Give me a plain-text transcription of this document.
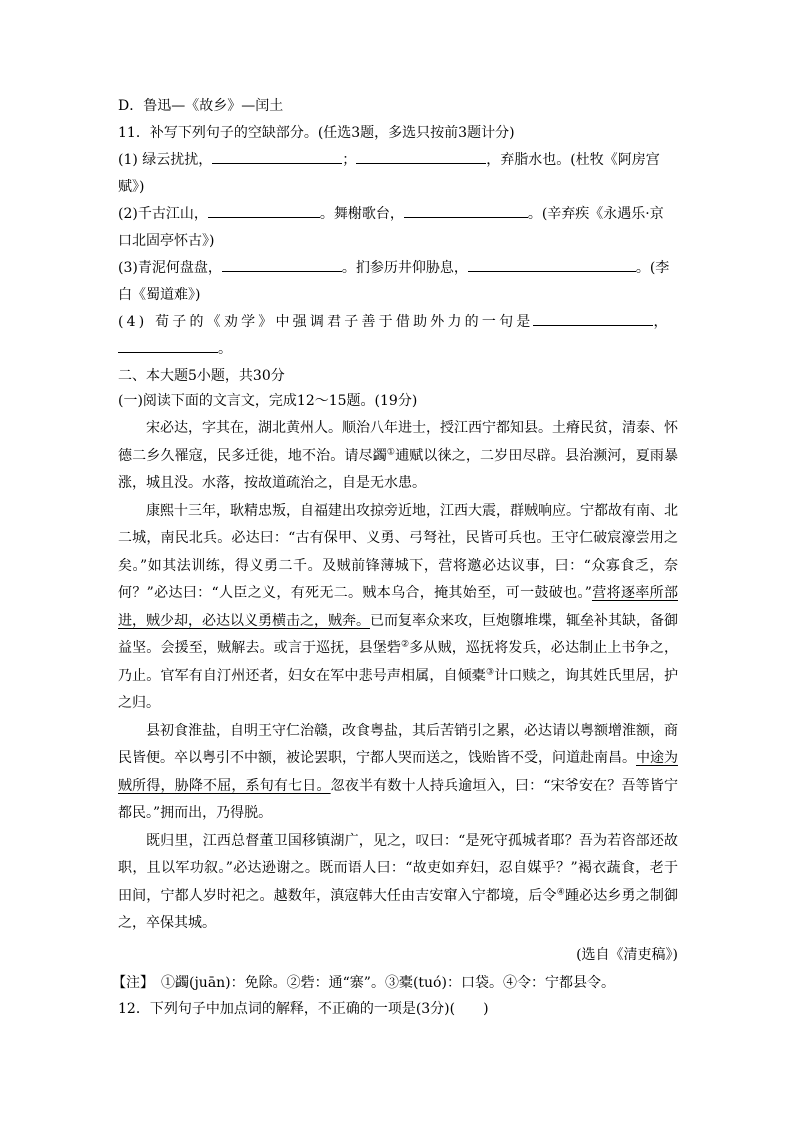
D．鲁迅—《故乡》—闰土
11．补写下列句子的空缺部分。(任选3题，多选只按前3题计分)
(1) 绿云扰扰，	；	，弃脂水也。(杜牧《阿房宫
赋》)
(2)千古江山，	。舞榭歌台，	。(辛弃疾《永遇乐·京
口北固亭怀古》)
(3)青泥何盘盘，	。扪参历井仰胁息，	。(李
白《蜀道难》)
(4) 荀子的《劝学》中强调君子善于借助外力的一句是	，
。
二、本大题5小题，共30分
(一)阅读下面的文言文，完成12～15题。(19分)

宋必达，字其在，湖北黄州人。顺治八年进士，授江西宁都知县。土瘠民贫，清泰、怀德二乡久罹寇，民多迁徙，地不治。请尽蠲①逋赋以徕之，二岁田尽辟。县治濒河，夏雨暴涨，城且没。水落，按故道疏治之，自是无水患。

康熙十三年，耿精忠叛，自福建出攻掠旁近地，江西大震，群贼响应。宁都故有南、北二城，南民北兵。必达曰：“古有保甲、义勇、弓弩社，民皆可兵也。王守仁破宸濠尝用之矣。”如其法训练，得义勇二千。及贼前锋薄城下，营将邀必达议事，曰：“众寡食乏，奈何？”必达曰：“人臣之义，有死无二。贼本乌合，掩其始至，可一鼓破也。”营将逐率所部进，贼少却，必达以义勇横击之，贼奔。已而复率众来攻，巨炮隳堆堞，辄垒补其缺，备御益坚。会援至，贼解去。或言于巡抚，县堡砦②多从贼，巡抚将发兵，必达制止上书争之，乃止。官军有自汀州还者，妇女在军中悲号声相属，自倾橐③计口赎之，询其姓氏里居，护之归。

县初食淮盐，自明王守仁治赣，改食粤盐，其后苦销引之累，必达请以粤额增淮额，商民皆便。卒以粤引不中额，被论罢职，宁都人哭而送之，饯贻皆不受，问道赴南昌。中途为贼所得，胁降不屈，系旬有七日。忽夜半有数十人持兵逾垣入，曰：“宋爷安在？吾等皆宁都民。”拥而出，乃得脱。

既归里，江西总督董卫国移镇湖广，见之，叹曰：“是死守孤城者耶？吾为若咨部还故职，且以军功叙。”必达逊谢之。既而语人曰：“故吏如弃妇，忍自媒乎？”褐衣蔬食，老于田间，宁都人岁时祀之。越数年，滇寇韩大任由吉安窜入宁都境，后令④踵必达乡勇之制御之，卒保其城。

(选自《清吏稿》)
【注】　①蠲(juān)：免除。②砦：通“寨”。③橐(tuó)：口袋。④令：宁都县令。
12．下列句子中加点词的解释，不正确的一项是(3分)(　　)
